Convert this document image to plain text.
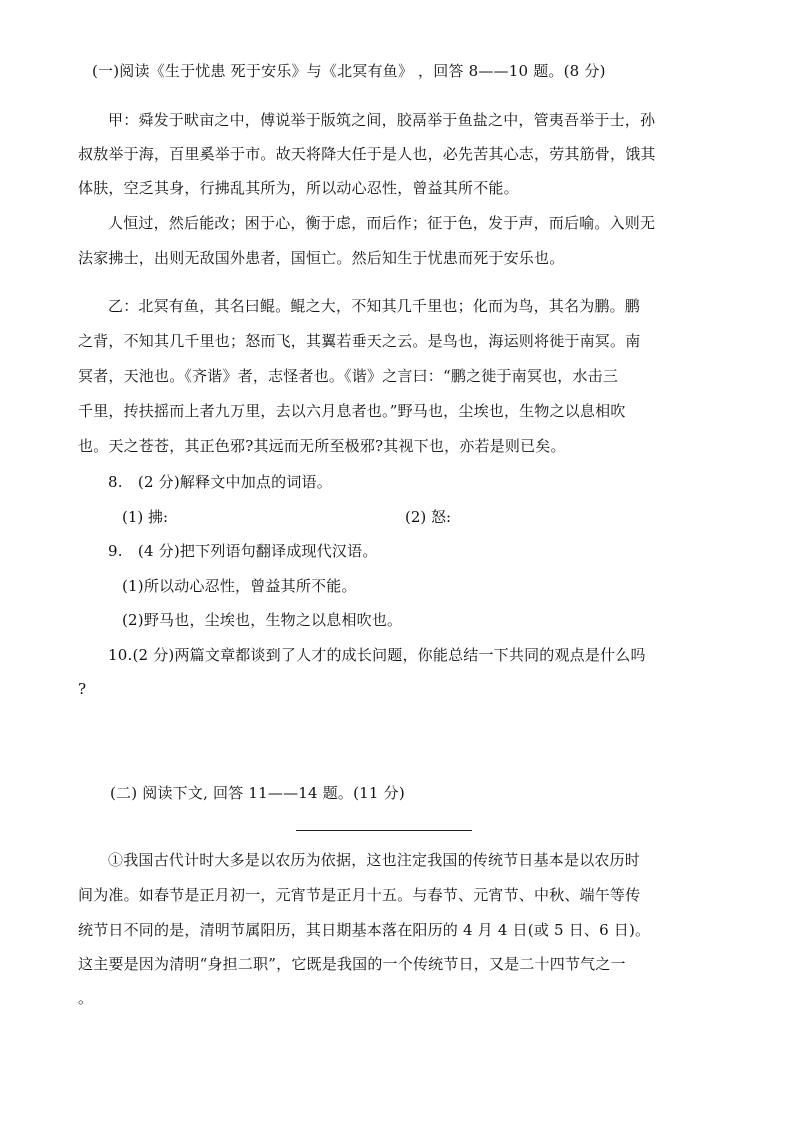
(一)阅读《生于忧患 死于安乐》与《北冥有鱼》 ，回答 8——10 题。(8 分)
甲：舜发于畎亩之中，傅说举于版筑之间，胶鬲举于鱼盐之中，管夷吾举于士，孙
叔敖举于海，百里奚举于市。故天将降大任于是人也，必先苦其心志，劳其筋骨，饿其
体肤，空乏其身，行拂乱其所为，所以动心忍性，曾益其所不能。
人恒过，然后能改；困于心，衡于虑，而后作；征于色，发于声，而后喻。入则无
法家拂士，出则无敌国外患者，国恒亡。然后知生于忧患而死于安乐也。
乙：北冥有鱼，其名曰鲲。鲲之大，不知其几千里也；化而为鸟，其名为鹏。鹏
之背，不知其几千里也；怒而飞，其翼若垂天之云。是鸟也，海运则将徙于南冥。南
冥者，天池也。《齐谐》者，志怪者也。《谐》之言曰：“鹏之徙于南冥也，水击三
千里，抟扶摇而上者九万里，去以六月息者也。”野马也，尘埃也，生物之以息相吹
也。天之苍苍，其正色邪?其远而无所至极邪?其视下也，亦若是则已矣。
8.　(2 分)解释文中加点的词语。
(1) 拂:	(2) 怒:
9.　(4 分)把下列语句翻译成现代汉语。
(1)所以动心忍性，曾益其所不能。
(2)野马也，尘埃也，生物之以息相吹也。
10.(2 分)两篇文章都谈到了人才的成长问题，你能总结一下共同的观点是什么吗
?
(二) 阅读下文, 回答 11——14 题。(11 分)
①我国古代计时大多是以农历为依据，这也注定我国的传统节日基本是以农历时
间为准。如春节是正月初一，元宵节是正月十五。与春节、元宵节、中秋、端午等传
统节日不同的是，清明节属阳历，其日期基本落在阳历的 4 月 4 日(或 5 日、6 日)。
这主要是因为清明“身担二职”，它既是我国的一个传统节日，又是二十四节气之一
。
